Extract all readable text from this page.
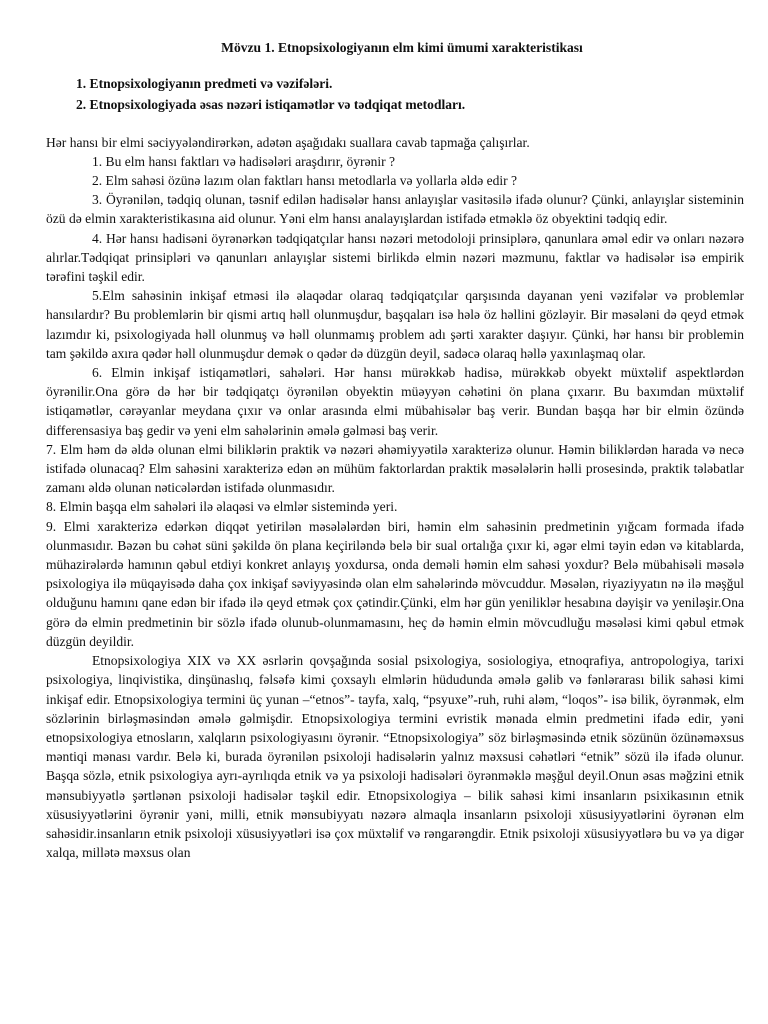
Mövzu 1. Etnopsixologiyanın elm kimi ümumi xarakteristikası
1. Etnopsixologiyanın predmeti və vəzifələri.
2. Etnopsixologiyada əsas nəzəri istiqamətlər və tədqiqat metodları.

Hər hansı bir elmi səciyyələndirərkən, adətən aşağıdakı suallara cavab tapmağa çalışırlar.

1. Bu elm hansı faktları və hadisələri araşdırır, öyrənir ?

2. Elm sahəsi özünə lazım olan faktları hansı metodlarla və yollarla əldə edir ?

3. Öyrənilən, tədqiq olunan, təsnif edilən hadisələr hansı anlayışlar vasitəsilə ifadə olunur? Çünki, anlayışlar sisteminin özü də elmin xarakteristikasına aid olunur. Yəni elm hansı analayışlardan istifadə etməklə öz obyektini tədqiq edir.

4. Hər hansı hadisəni öyrənərkən tədqiqatçılar hansı nəzəri metodoloji prinsiplərə, qanunlara əməl edir və onları nəzərə alırlar.Tədqiqat prinsipləri və qanunları anlayışlar sistemi birlikdə elmin nəzəri məzmunu, faktlar və hadisələr isə empirik tərəfini təşkil edir.

5.Elm sahəsinin inkişaf etməsi ilə əlaqədar olaraq tədqiqatçılar qarşısında dayanan yeni vəzifələr və problemlər hansılardır? Bu problemlərin bir qismi artıq həll olunmuşdur, başqaları isə hələ öz həllini gözləyir. Bir məsələni də qeyd etmək lazımdır ki, psixologiyada həll olunmuş və həll olunmamış problem adı şərti xarakter daşıyır. Çünki, hər hansı bir problemin tam şəkildə axıra qədər həll olunmuşdur demək o qədər də düzgün deyil, sadəcə olaraq həllə yaxınlaşmaq olar.

6. Elmin inkişaf istiqamətləri, sahələri. Hər hansı mürəkkəb hadisə, mürəkkəb obyekt müxtəlif aspektlərdən öyrənilir.Ona görə də hər bir tədqiqatçı öyrənilən obyektin müəyyən cəhətini ön plana çıxarır. Bu baxımdan müxtəlif istiqamətlər, cərəyanlar meydana çıxır və onlar arasında elmi mübahisələr baş verir. Bundan başqa hər bir elmin özündə differensasiya baş gedir və yeni elm sahələrinin əmələ gəlməsi baş verir.

7. Elm həm də əldə olunan elmi biliklərin praktik və nəzəri əhəmiyyətilə xarakterizə olunur. Həmin biliklərdən harada və necə istifadə olunacaq? Elm sahəsini xarakterizə edən ən mühüm faktorlardan praktik məsələlərin həlli prosesində, praktik tələbatlar zamanı əldə olunan nəticələrdən istifadə olunmasıdır.

8. Elmin başqa elm sahələri ilə əlaqəsi və elmlər sistemində yeri.

9. Elmi xarakterizə edərkən diqqət yetirilən məsələlərdən biri, həmin elm sahəsinin predmetinin yığcam formada ifadə olunmasıdır. Bəzən bu cəhət süni şəkildə ön plana keçiriləndə belə bir sual ortalığa çıxır ki, əgər elmi təyin edən və kitablarda, mühazirələrdə hamının qəbul etdiyi konkret anlayış yoxdursa, onda deməli həmin elm sahəsi yoxdur? Belə mübahisəli məsələ psixologiya ilə müqayisədə daha çox inkişaf səviyyəsində olan elm sahələrində mövcuddur. Məsələn, riyaziyyatın nə ilə məşğul olduğunu hamını qane edən bir ifadə ilə qeyd etmək çox çətindir.Çünki, elm hər gün yeniliklər hesabına dəyişir və yeniləşir.Ona görə də elmin predmetinin bir sözlə ifadə olunub-olunmamasını, heç də həmin elmin mövcudluğu məsələsi kimi qəbul etmək düzgün deyildir.

Etnopsixologiya XIX və XX əsrlərin qovşağında sosial psixologiya, sosiologiya, etnoqrafiya, antropologiya, tarixi psixologiya, linqivistika, dinşünaslıq, fəlsəfə kimi çoxsaylı elmlərin hüdudunda əmələ gəlib və fənlərarası bilik sahəsi kimi inkişaf edir. Etnopsixologiya termini üç yunan –“etnos”- tayfa, xalq, “psyuxe”-ruh, ruhi aləm, “loqos”- isə bilik, öyrənmək, elm sözlərinin birləşməsindən əmələ gəlmişdir. Etnopsixologiya termini evristik mənada elmin predmetini ifadə edir, yəni etnopsixologiya etnosların, xalqların psixologiyasını öyrənir. “Etnopsixologiya” söz birləşməsində etnik sözünün özünəməxsus məntiqi mənası vardır. Belə ki, burada öyrənilən psixoloji hadisələrin yalnız məxsusi cəhətləri “etnik” sözü ilə ifadə olunur. Başqa sözlə, etnik psixologiya ayrı-ayrılıqda etnik və ya psixoloji hadisələri öyrənməklə məşğul deyil.Onun əsas məğzini etnik mənsubiyyətlə şərtlənən psixoloji hadisələr təşkil edir. Etnopsixologiya – bilik sahəsi kimi insanların psixikasının etnik xüsusiyyətlərini öyrənir yəni, milli, etnik mənsubiyyatı nəzərə almaqla insanların psixoloji xüsusiyyətlərini öyrənən elm sahəsidir.insanların etnik psixoloji xüsusiyyətləri isə çox müxtəlif və rəngarəngdir. Etnik psixoloji xüsusiyyətlərə bu və ya digər xalqa, millətə məxsus olan
